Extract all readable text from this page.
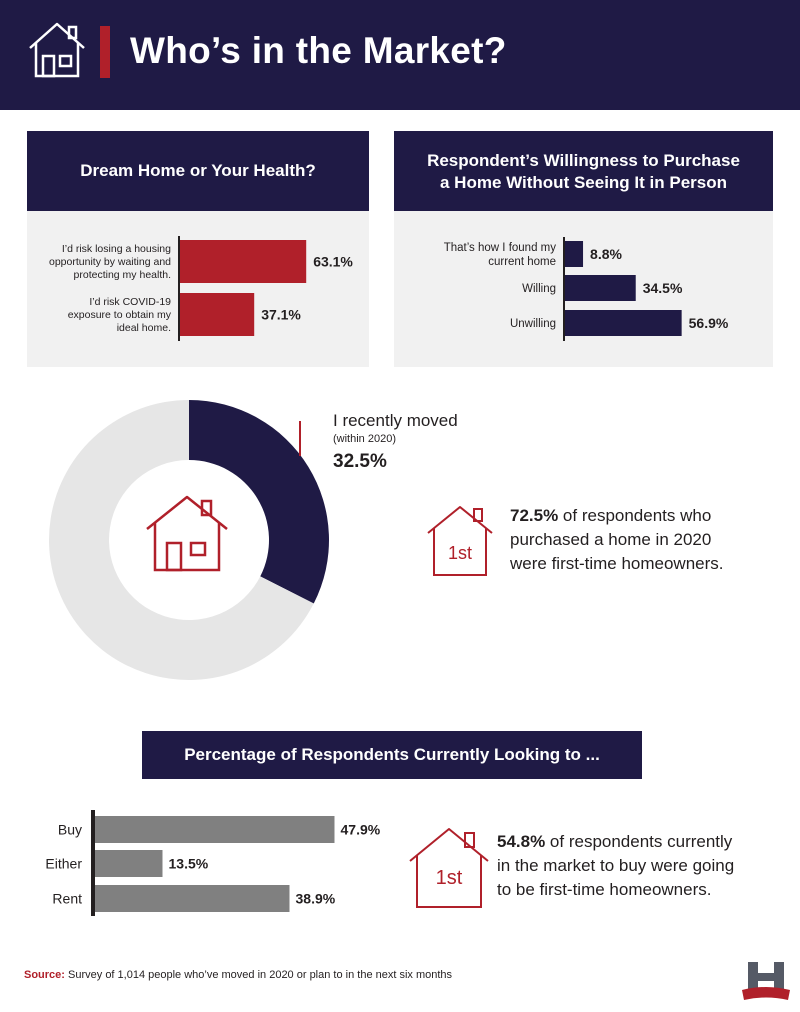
Who’s in the Market?
Dream Home or Your Health?
63.1%
I’d risk losing a housing
opportunity by waiting and
protecting my health.
37.1%
I’d risk COVID-19
exposure to obtain my
ideal home.
Respondent’s Willingness to Purchase
a Home Without Seeing It in Person
8.8%
That’s how I found my
current home
34.5%
Willing
56.9%
Unwilling
I recently moved
(within 2020)
32.5%
1st
72.5% of respondents who
purchased a home in 2020
were first-time homeowners.
Percentage of Respondents Currently Looking to ...
47.9%
Buy
13.5%
Either
38.9%
Rent
1st
54.8% of respondents currently
in the market to buy were going
to be first-time homeowners.
Source: Survey of 1,014 people who’ve moved in 2020 or plan to in the next six months
